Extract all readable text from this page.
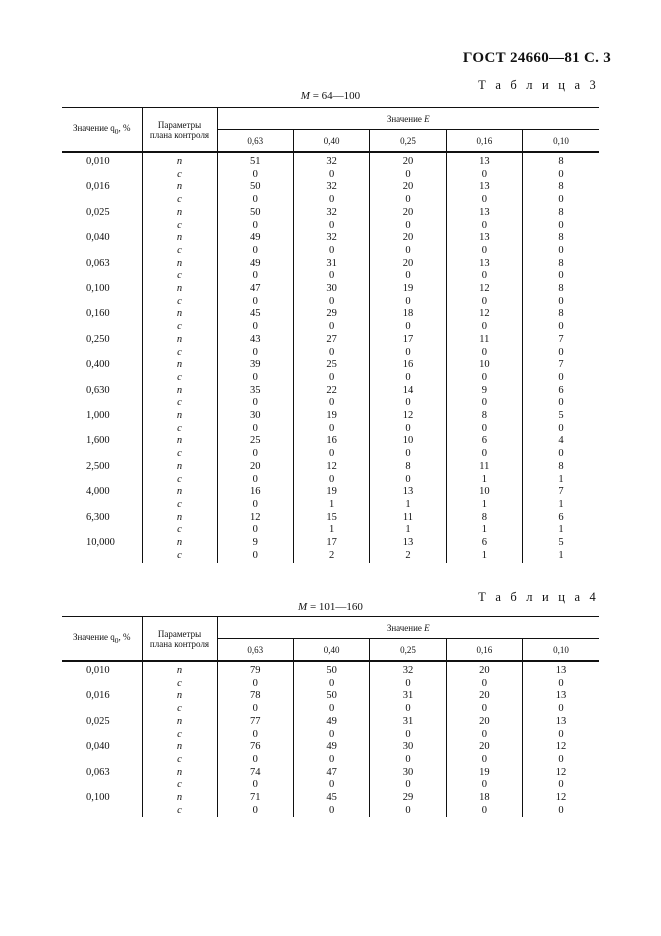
ГОСТ 24660—81 С. 3
Т а б л и ц а 3
M = 64—100
Значение $q_0$, %	Параметры
плана контроля	Значение E				
		0,63	0,40	0,25	0,16	0,10
0,010	n	51	32	20	13	8
	c	0	0	0	0	0
0,016	n	50	32	20	13	8
	c	0	0	0	0	0
0,025	n	50	32	20	13	8
	c	0	0	0	0	0
0,040	n	49	32	20	13	8
	c	0	0	0	0	0
0,063	n	49	31	20	13	8
	c	0	0	0	0	0
0,100	n	47	30	19	12	8
	c	0	0	0	0	0
0,160	n	45	29	18	12	8
	c	0	0	0	0	0
0,250	n	43	27	17	11	7
	c	0	0	0	0	0
0,400	n	39	25	16	10	7
	c	0	0	0	0	0
0,630	n	35	22	14	9	6
	c	0	0	0	0	0
1,000	n	30	19	12	8	5
	c	0	0	0	0	0
1,600	n	25	16	10	6	4
	c	0	0	0	0	0
2,500	n	20	12	8	11	8
	c	0	0	0	1	1
4,000	n	16	19	13	10	7
	c	0	1	1	1	1
6,300	n	12	15	11	8	6
	c	0	1	1	1	1
10,000	n	9	17	13	6	5
	c	0	2	2	1	1
Т а б л и ц а 4
M = 101—160
Значение $q_0$, %	Параметры
плана контроля	Значение E				
		0,63	0,40	0,25	0,16	0,10
0,010	n	79	50	32	20	13
	c	0	0	0	0	0
0,016	n	78	50	31	20	13
	c	0	0	0	0	0
0,025	n	77	49	31	20	13
	c	0	0	0	0	0
0,040	n	76	49	30	20	12
	c	0	0	0	0	0
0,063	n	74	47	30	19	12
	c	0	0	0	0	0
0,100	n	71	45	29	18	12
	c	0	0	0	0	0
